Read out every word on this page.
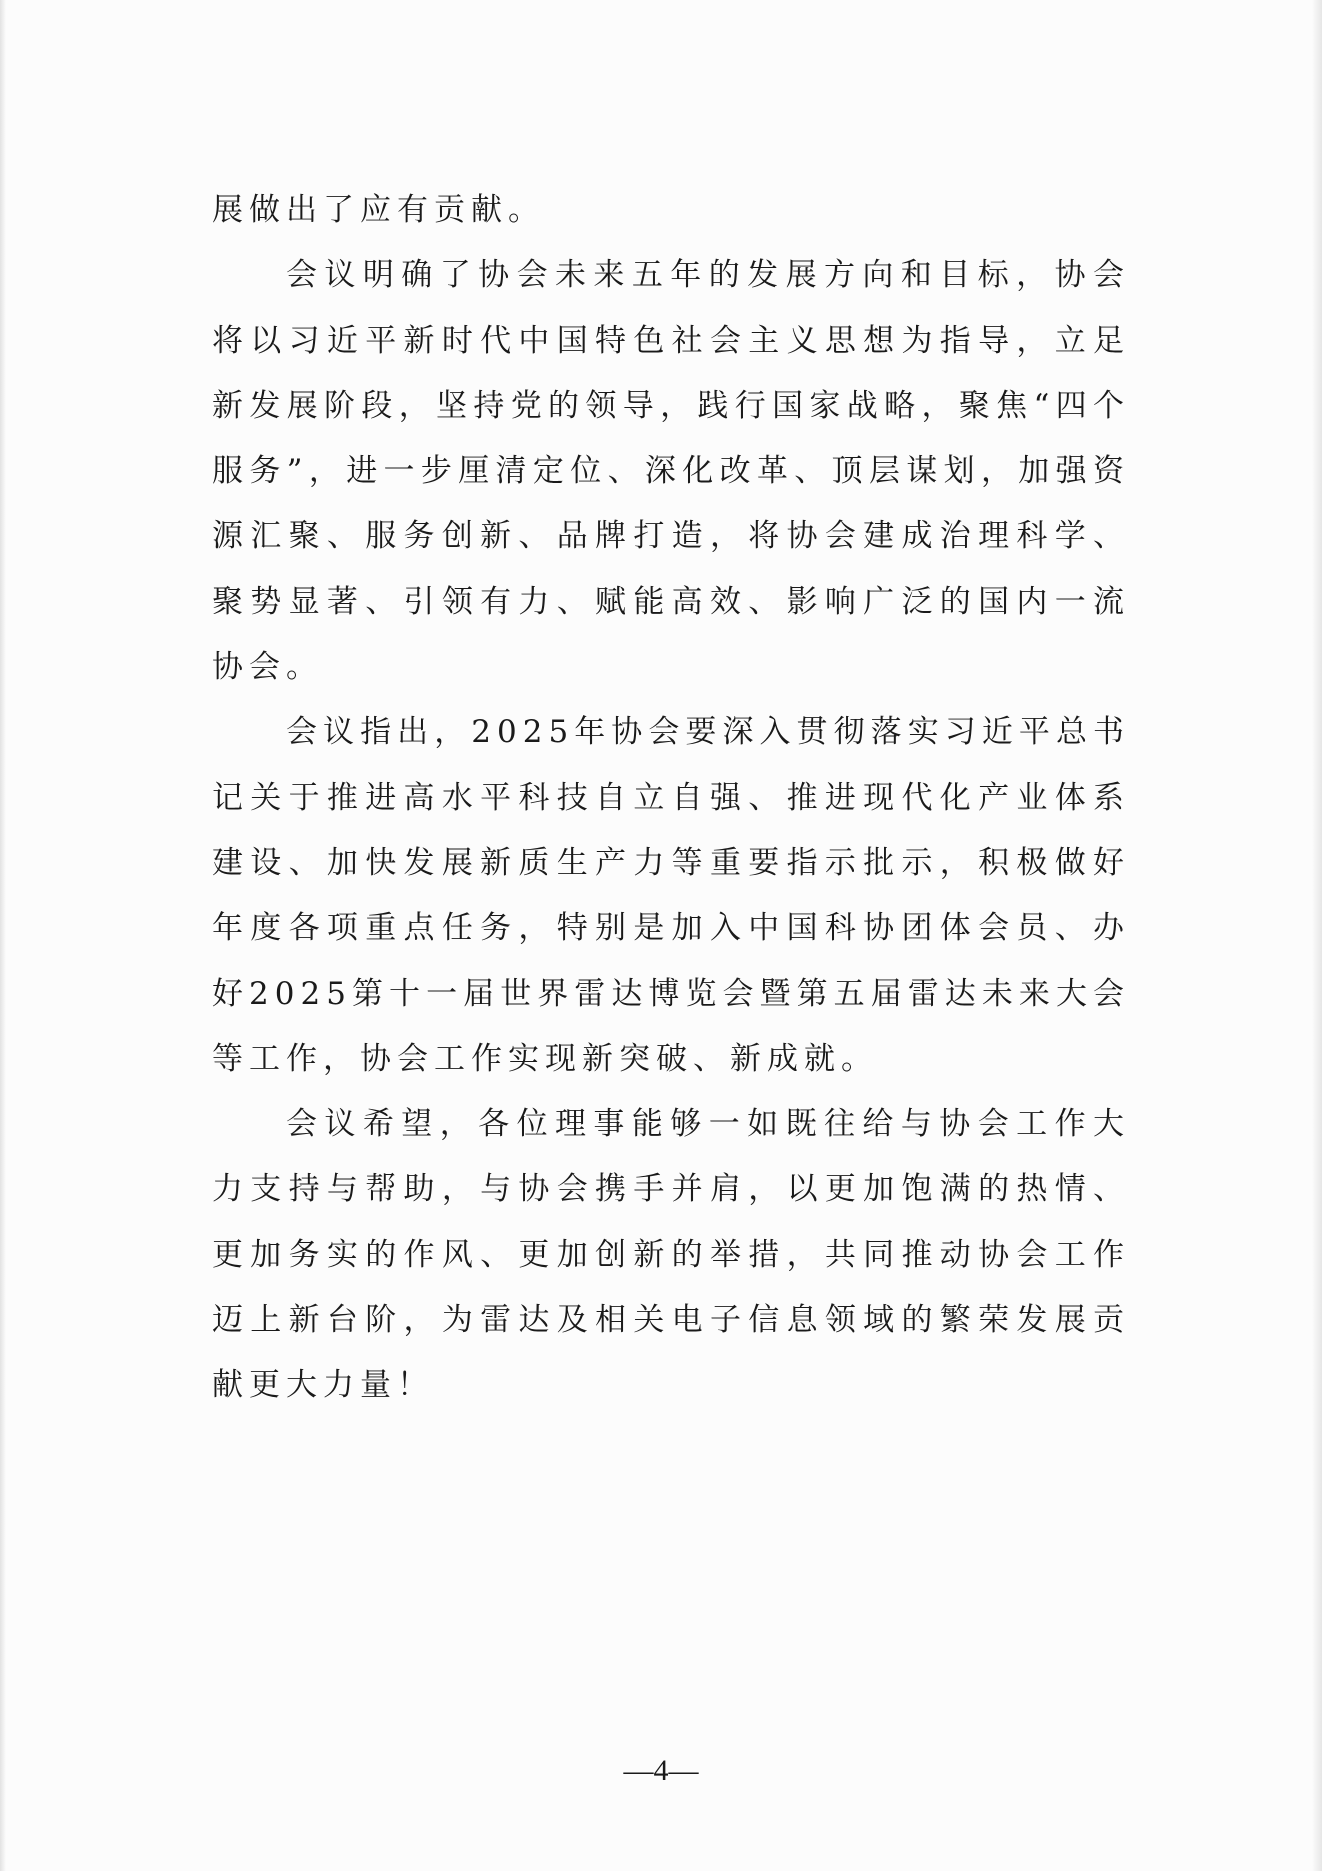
展做出了应有贡献。

会议明确了协会未来五年的发展方向和目标，协会将以习近平新时代中国特色社会主义思想为指导，立足新发展阶段，坚持党的领导，践行国家战略，聚焦“四个服务”，进一步厘清定位、深化改革、顶层谋划，加强资源汇聚、服务创新、品牌打造，将协会建成治理科学、聚势显著、引领有力、赋能高效、影响广泛的国内一流协会。

会议指出，2025年协会要深入贯彻落实习近平总书记关于推进高水平科技自立自强、推进现代化产业体系建设、加快发展新质生产力等重要指示批示，积极做好年度各项重点任务，特别是加入中国科协团体会员、办好2025第十一届世界雷达博览会暨第五届雷达未来大会等工作，协会工作实现新突破、新成就。

会议希望，各位理事能够一如既往给与协会工作大力支持与帮助，与协会携手并肩，以更加饱满的热情、更加务实的作风、更加创新的举措，共同推动协会工作迈上新台阶，为雷达及相关电子信息领域的繁荣发展贡献更大力量！

—4—
